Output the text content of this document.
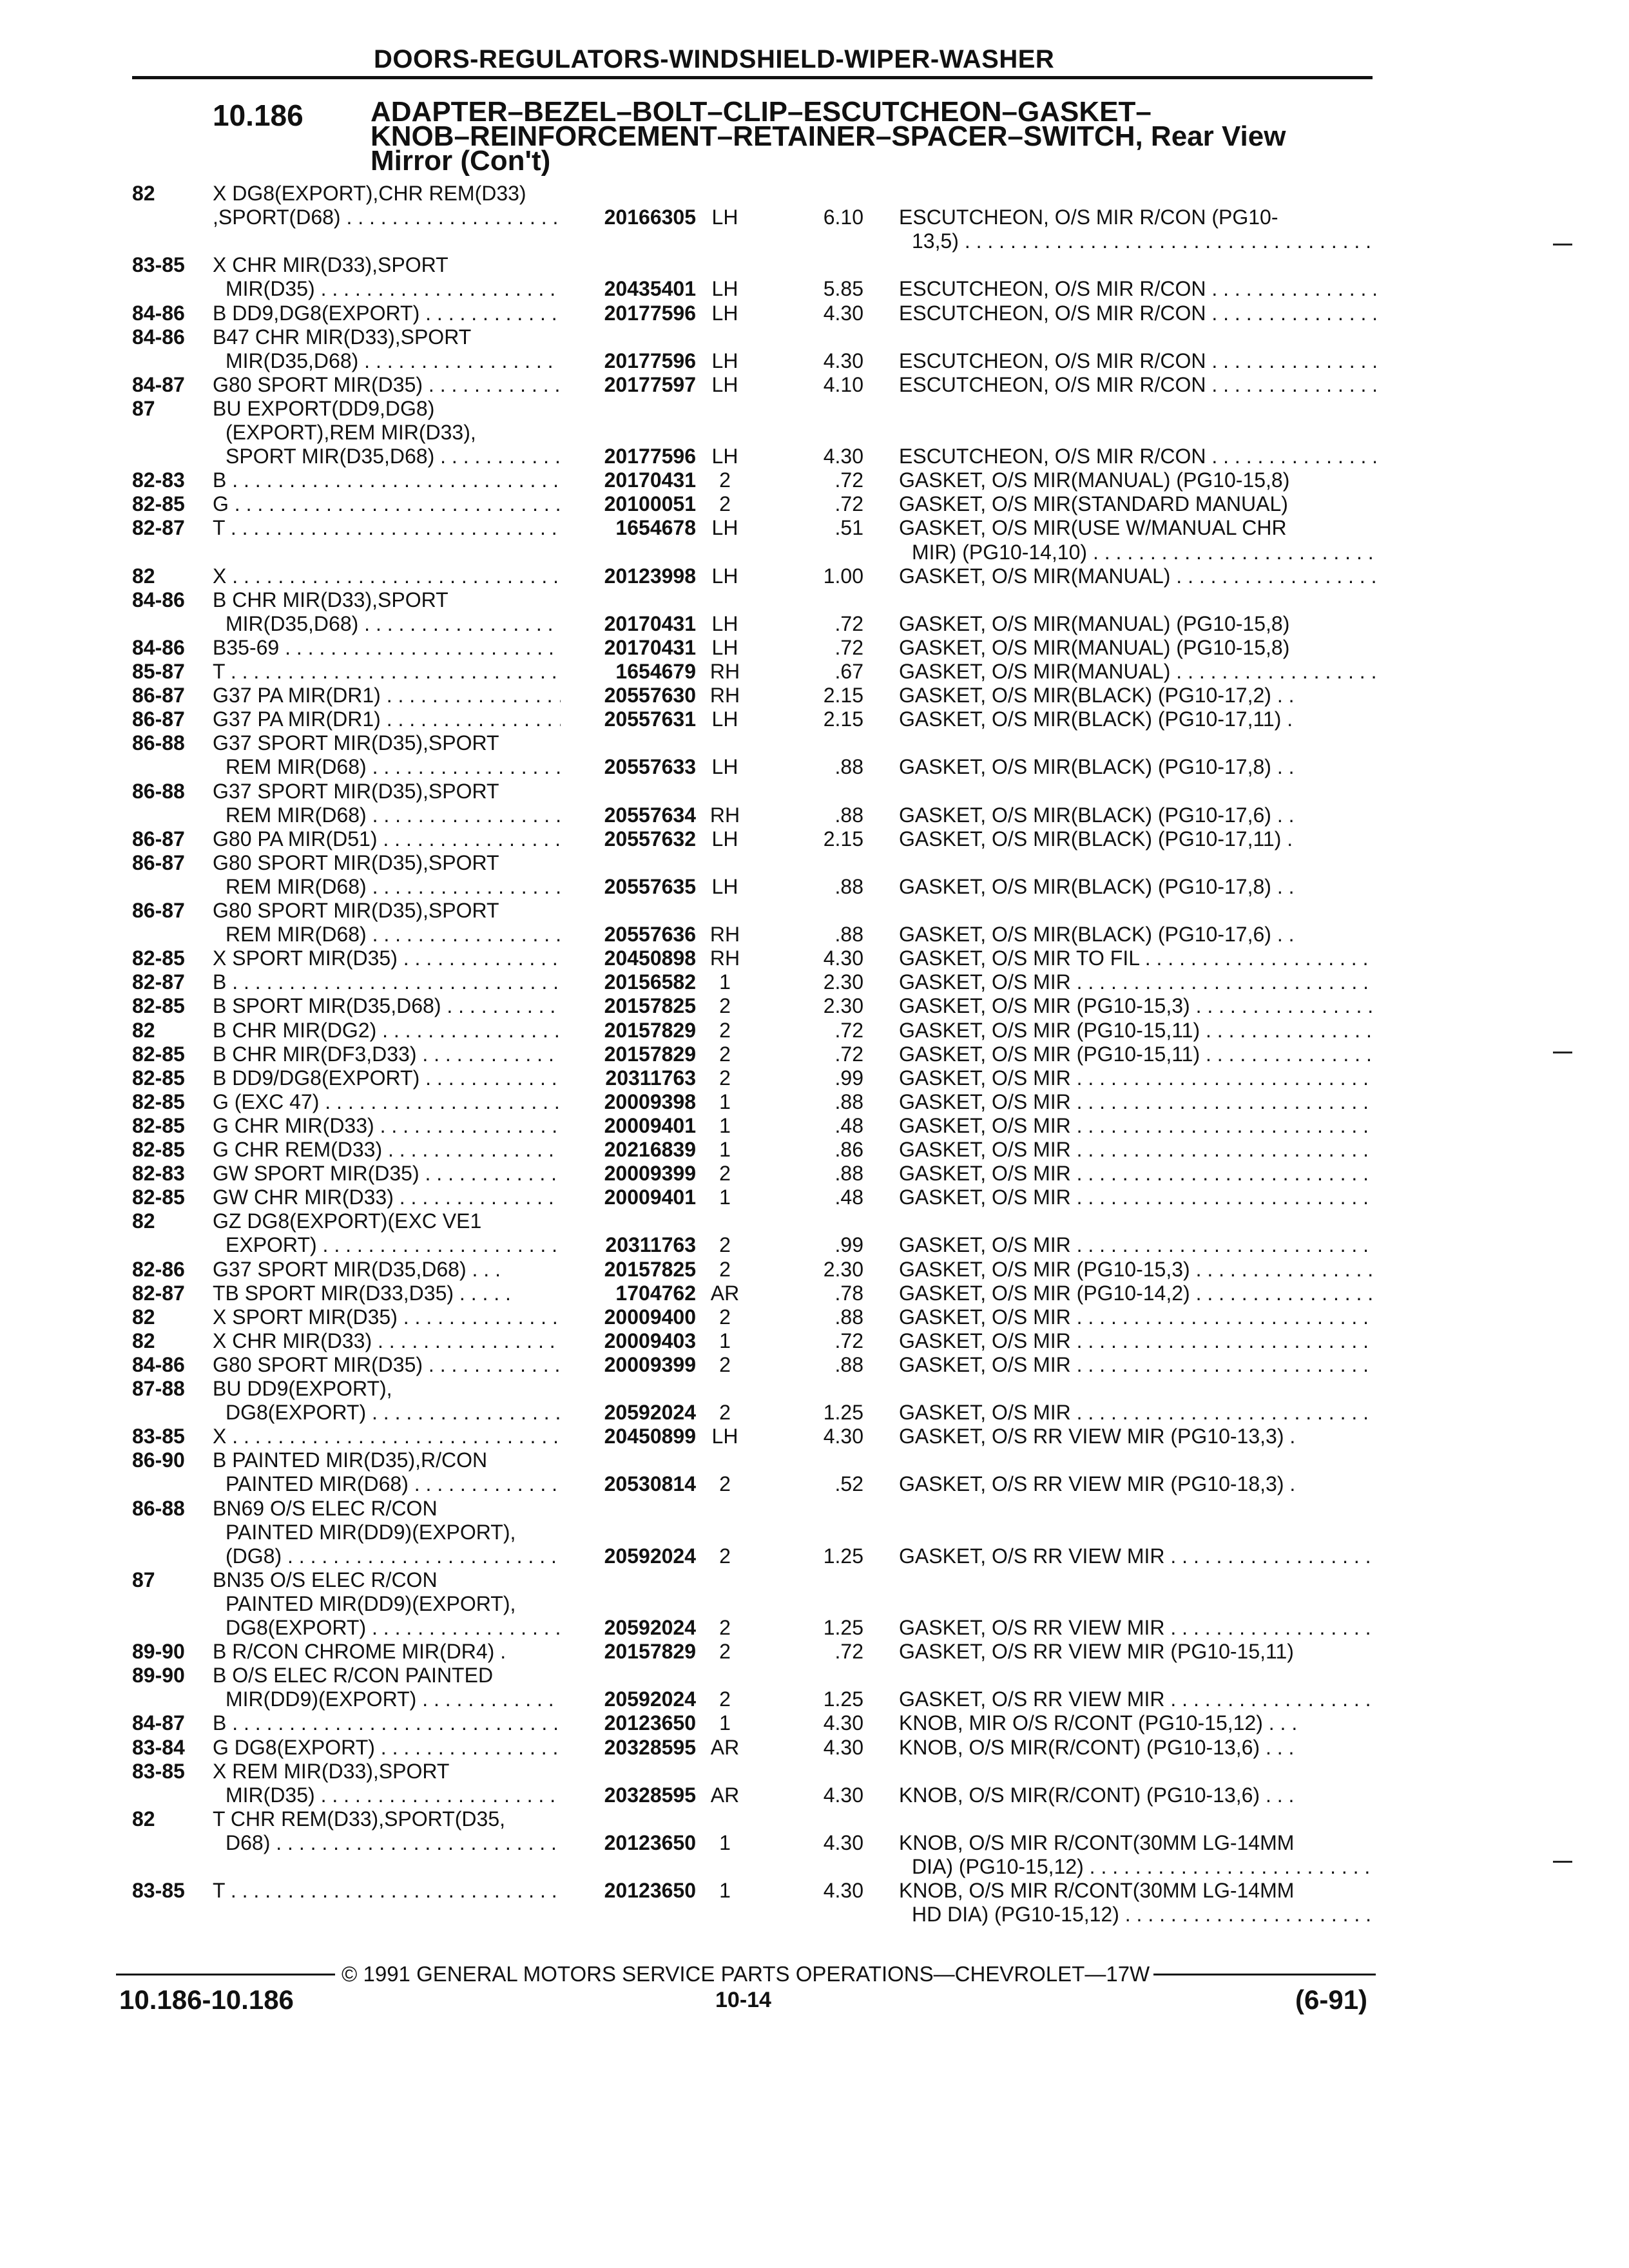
DOORS-REGULATORS-WINDSHIELD-WIPER-WASHER
10.186 ADAPTER–BEZEL–BOLT–CLIP–ESCUTCHEON–GASKET–
KNOB–REINFORCEMENT–RETAINER–SPACER–SWITCH, Rear View
Mirror (Con't)
82	X DG8(EXPORT),CHR REM(D33)
,SPORT(D68) . . .	20166305 LH	6.10 ESCUTCHEON, O/S MIR R/CON (PG10-
13,5) . . .
83-85 X CHR MIR(D33),SPORT
MIR(D35) . . .	20435401 LH	5.85 ESCUTCHEON, O/S MIR R/CON . . .
84-86 B DD9,DG8(EXPORT) . . .	20177596 LH	4.30 ESCUTCHEON, O/S MIR R/CON . . .
84-86 B47 CHR MIR(D33),SPORT
MIR(D35,D68) . . .	20177596 LH	4.30 ESCUTCHEON, O/S MIR R/CON . . .
84-87 G80 SPORT MIR(D35) . . .	20177597 LH	4.10 ESCUTCHEON, O/S MIR R/CON . . .
87	BU EXPORT(DD9,DG8)
(EXPORT),REM MIR(D33),
SPORT MIR(D35,D68) . . .	20177596 LH	4.30 ESCUTCHEON, O/S MIR R/CON . . .
82-83 B . . .	20170431	2	.72 GASKET, O/S MIR(MANUAL) (PG10-15,8)
82-85 G . . .	20100051	2	.72 GASKET, O/S MIR(STANDARD MANUAL)
82-87 T . . .	1654678 LH	.51 GASKET, O/S MIR(USE W/MANUAL CHR
MIR) (PG10-14,10) . . .
82	X . . .	20123998 LH	1.00 GASKET, O/S MIR(MANUAL) . . .
84-86 B CHR MIR(D33),SPORT
MIR(D35,D68) . . .	20170431 LH	.72 GASKET, O/S MIR(MANUAL) (PG10-15,8)
84-86 B35-69 . . .	20170431 LH	.72 GASKET, O/S MIR(MANUAL) (PG10-15,8)
85-87 T . . .	1654679 RH	.67 GASKET, O/S MIR(MANUAL) . . .
86-87 G37 PA MIR(DR1) . . .	20557630 RH	2.15 GASKET, O/S MIR(BLACK) (PG10-17,2) . .
86-87 G37 PA MIR(DR1) . . .	20557631 LH	2.15 GASKET, O/S MIR(BLACK) (PG10-17,11) .
86-88 G37 SPORT MIR(D35),SPORT
REM MIR(D68) . . .	20557633 LH	.88 GASKET, O/S MIR(BLACK) (PG10-17,8) . .
86-88 G37 SPORT MIR(D35),SPORT
REM MIR(D68) . . .	20557634 RH	.88 GASKET, O/S MIR(BLACK) (PG10-17,6) . .
86-87 G80 PA MIR(D51) . . .	20557632 LH	2.15 GASKET, O/S MIR(BLACK) (PG10-17,11) .
86-87 G80 SPORT MIR(D35),SPORT
REM MIR(D68) . . .	20557635 LH	.88 GASKET, O/S MIR(BLACK) (PG10-17,8) . .
86-87 G80 SPORT MIR(D35),SPORT
REM MIR(D68) . . .	20557636 RH	.88 GASKET, O/S MIR(BLACK) (PG10-17,6) . .
82-85 X SPORT MIR(D35) . . .	20450898 RH	4.30 GASKET, O/S MIR TO FIL . . .
82-87 B . . .	20156582	1	2.30 GASKET, O/S MIR . . .
82-85 B SPORT MIR(D35,D68) . . .	20157825	2	2.30 GASKET, O/S MIR (PG10-15,3) . . .
82	B CHR MIR(DG2) . . .	20157829	2	.72 GASKET, O/S MIR (PG10-15,11) . . .
82-85 B CHR MIR(DF3,D33) . . .	20157829	2	.72 GASKET, O/S MIR (PG10-15,11) . . .
82-85 B DD9/DG8(EXPORT) . . .	20311763	2	.99 GASKET, O/S MIR . . .
82-85 G (EXC 47) . . .	20009398	1	.88 GASKET, O/S MIR . . .
82-85 G CHR MIR(D33) . . .	20009401	1	.48 GASKET, O/S MIR . . .
82-85 G CHR REM(D33) . . .	20216839	1	.86 GASKET, O/S MIR . . .
82-83 GW SPORT MIR(D35) . . .	20009399	2	.88 GASKET, O/S MIR . . .
82-85 GW CHR MIR(D33) . . .	20009401	1	.48 GASKET, O/S MIR . . .
82	GZ DG8(EXPORT)(EXC VE1
EXPORT) . . .	20311763	2	.99 GASKET, O/S MIR . . .
82-86 G37 SPORT MIR(D35,D68) . . .	20157825	2	2.30 GASKET, O/S MIR (PG10-15,3) . . .
82-87 TB SPORT MIR(D33,D35) . . . . .	1704762 AR	.78 GASKET, O/S MIR (PG10-14,2) . . .
82	X SPORT MIR(D35) . . .	20009400	2	.88 GASKET, O/S MIR . . .
82	X CHR MIR(D33) . . .	20009403	1	.72 GASKET, O/S MIR . . .
84-86 G80 SPORT MIR(D35) . . .	20009399	2	.88 GASKET, O/S MIR . . .
87-88 BU DD9(EXPORT),
DG8(EXPORT) . . .	20592024	2	1.25 GASKET, O/S MIR . . .
83-85 X . . .	20450899 LH	4.30 GASKET, O/S RR VIEW MIR (PG10-13,3) .
86-90 B PAINTED MIR(D35),R/CON
PAINTED MIR(D68) . . .	20530814	2	.52 GASKET, O/S RR VIEW MIR (PG10-18,3) .
86-88 BN69 O/S ELEC R/CON
PAINTED MIR(DD9)(EXPORT),
(DG8) . . .	20592024	2	1.25 GASKET, O/S RR VIEW MIR . . .
87	BN35 O/S ELEC R/CON
PAINTED MIR(DD9)(EXPORT),
DG8(EXPORT) . . .	20592024	2	1.25 GASKET, O/S RR VIEW MIR . . .
89-90 B R/CON CHROME MIR(DR4) .	20157829	2	.72 GASKET, O/S RR VIEW MIR (PG10-15,11)
89-90 B O/S ELEC R/CON PAINTED
MIR(DD9)(EXPORT) . . .	20592024	2	1.25 GASKET, O/S RR VIEW MIR . . .
84-87 B . . .	20123650	1	4.30 KNOB, MIR O/S R/CONT (PG10-15,12) . . .
83-84 G DG8(EXPORT) . . .	20328595 AR	4.30 KNOB, O/S MIR(R/CONT) (PG10-13,6) . . .
83-85 X REM MIR(D33),SPORT
MIR(D35) . . .	20328595 AR	4.30 KNOB, O/S MIR(R/CONT) (PG10-13,6) . . .
82	T CHR REM(D33),SPORT(D35,
D68) . . .	20123650	1	4.30 KNOB, O/S MIR R/CONT(30MM LG-14MM
DIA) (PG10-15,12) . . .
83-85 T . . .	20123650	1	4.30 KNOB, O/S MIR R/CONT(30MM LG-14MM
HD DIA) (PG10-15,12) . . .
© 1991 GENERAL MOTORS SERVICE PARTS OPERATIONS—CHEVROLET—17W
10.186-10.186	10-14	(6-91)
